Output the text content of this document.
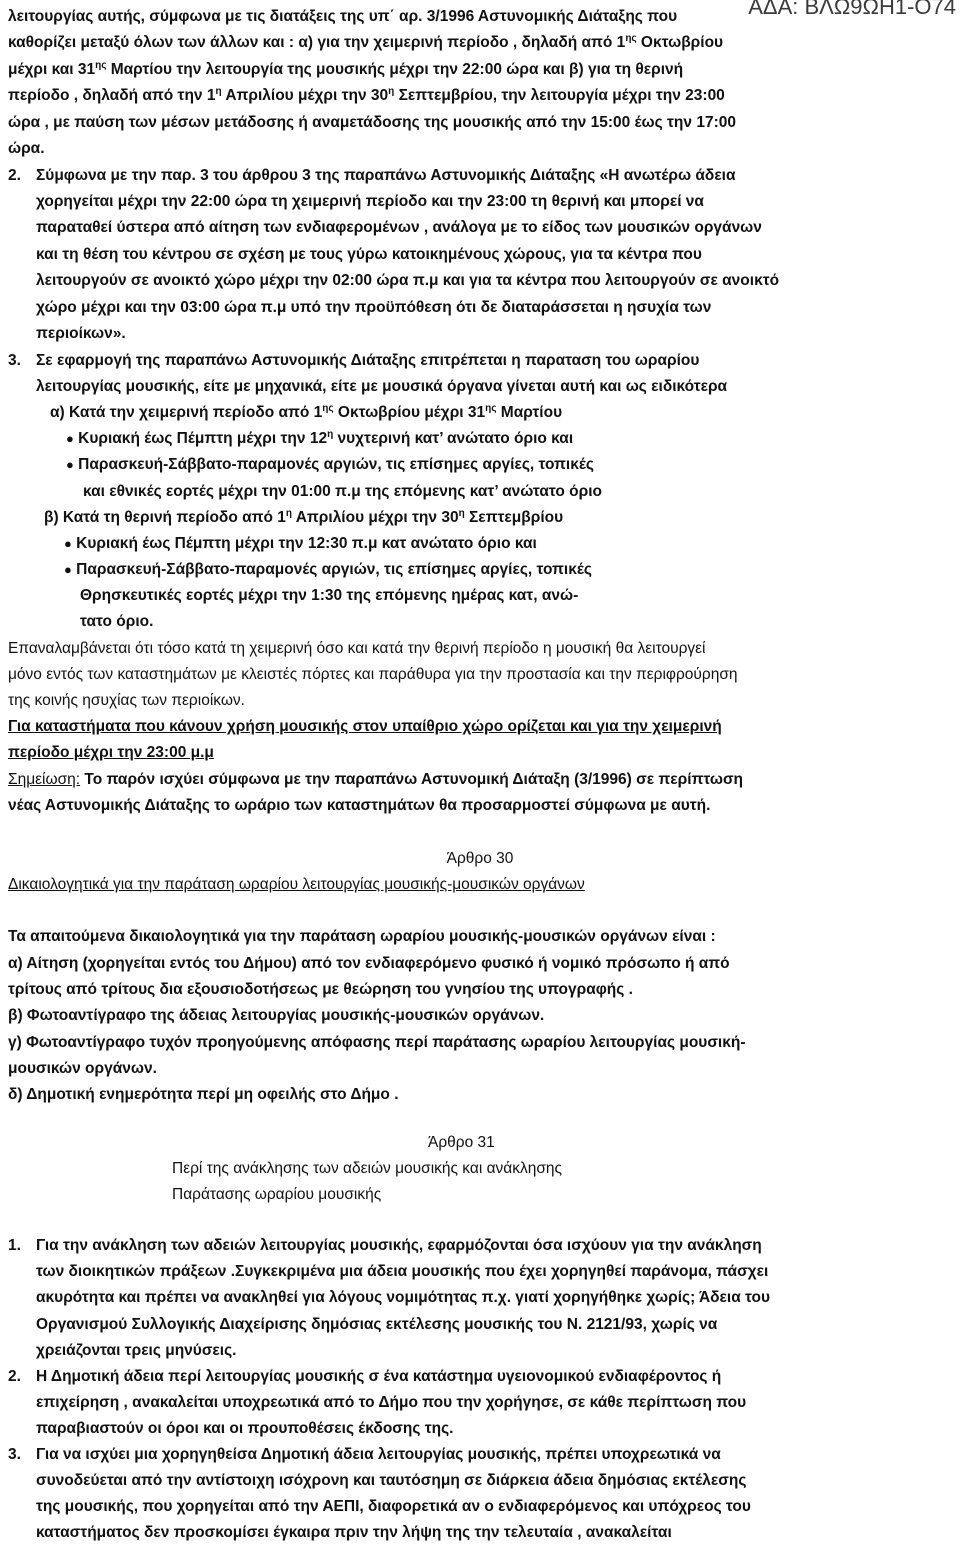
ΑΔΑ: ΒΛΩ9ΩΗ1-Ο74
λειτουργίας αυτής, σύμφωνα με τις διατάξεις της υπ΄ αρ. 3/1996 Αστυνομικής Διάταξης που
καθορίζει μεταξύ όλων των άλλων και : α) για την χειμερινή περίοδο , δηλαδή από $1^{\eta\varsigma}$ Οκτωβρίου
μέχρι και $31^{\eta\varsigma}$ Μαρτίου την λειτουργία της μουσικής μέχρι την 22:00 ώρα και β) για τη θερινή
περίοδο , δηλαδή από την $1^\eta$ Απριλίου μέχρι την $30^\eta$ Σεπτεμβρίου, την λειτουργία μέχρι την 23:00
ώρα , με παύση των μέσων μετάδοσης ή αναμετάδοσης της μουσικής από την 15:00 έως την 17:00
ώρα.
2. Σύμφωνα με την παρ. 3 του άρθρου 3 της παραπάνω Αστυνομικής Διάταξης «Η ανωτέρω άδεια
χορηγείται μέχρι την 22:00 ώρα τη χειμερινή περίοδο και την 23:00 τη θερινή και μπορεί να
παραταθεί ύστερα από αίτηση των ενδιαφερομένων , ανάλογα με το είδος των μουσικών οργάνων
και τη θέση του κέντρου σε σχέση με τους γύρω κατοικημένους χώρους, για τα κέντρα που
λειτουργούν σε ανοικτό χώρο μέχρι την 02:00 ώρα π.μ και για τα κέντρα που λειτουργούν σε ανοικτό
χώρο μέχρι και την 03:00 ώρα π.μ υπό την προϋπόθεση ότι δε διαταράσσεται η ησυχία των
περιοίκων».
3. Σε εφαρμογή της παραπάνω Αστυνομικής Διάταξης επιτρέπεται η παραταση του ωραρίου
λειτουργίας μουσικής, είτε με μηχανικά, είτε με μουσικά όργανα γίνεται αυτή και ως ειδικότερα
α) Κατά την χειμερινή περίοδο από $1^{\eta\varsigma}$ Οκτωβρίου μέχρι $31^{\eta\varsigma}$ Μαρτίου
● Κυριακή έως Πέμπτη μέχρι την $12^\eta$ νυχτερινή κατ’ ανώτατο όριο και
● Παρασκευή-Σάββατο-παραμονές αργιών, τις επίσημες αργίες, τοπικές
και εθνικές εορτές μέχρι την 01:00 π.μ της επόμενης κατ’ ανώτατο όριο
β) Κατά τη θερινή περίοδο από $1^\eta$ Απριλίου μέχρι την $30^\eta$ Σεπτεμβρίου
● Κυριακή έως Πέμπτη μέχρι την 12:30 π.μ κατ ανώτατο όριο και
● Παρασκευή-Σάββατο-παραμονές αργιών, τις επίσημες αργίες, τοπικές
Θρησκευτικές εορτές μέχρι την 1:30 της επόμενης ημέρας κατ, ανώ-
τατο όριο.
Επαναλαμβάνεται ότι τόσο κατά τη χειμερινή όσο και κατά την θερινή περίοδο η μουσική θα λειτουργεί
μόνο εντός των καταστημάτων με κλειστές πόρτες και παράθυρα για την προστασία και την περιφρούρηση
της κοινής ησυχίας των περιοίκων.
Για καταστήματα που κάνουν χρήση μουσικής στον υπαίθριο χώρο ορίζεται και για την χειμερινή
περίοδο μέχρι την 23:00 μ.μ
Σημείωση: Το παρόν ισχύει σύμφωνα με την παραπάνω Αστυνομική Διάταξη (3/1996) σε περίπτωση
νέας Αστυνομικής Διάταξης το ωράριο των καταστημάτων θα προσαρμοστεί σύμφωνα με αυτή.
Άρθρο 30
Δικαιολογητικά για την παράταση ωραρίου λειτουργίας μουσικής-μουσικών οργάνων
Τα απαιτούμενα δικαιολογητικά για την παράταση ωραρίου μουσικής-μουσικών οργάνων είναι :
α) Αίτηση (χορηγείται εντός του Δήμου) από τον ενδιαφερόμενο φυσικό ή νομικό πρόσωπο ή από
τρίτους από τρίτους δια εξουσιοδοτήσεως με θεώρηση του γνησίου της υπογραφής .
β) Φωτοαντίγραφο της άδειας λειτουργίας μουσικής-μουσικών οργάνων.
γ) Φωτοαντίγραφο τυχόν προηγούμενης απόφασης περί παράτασης ωραρίου λειτουργίας μουσική-
μουσικών οργάνων.
δ) Δημοτική ενημερότητα περί μη οφειλής στο Δήμο .
Άρθρο 31
Περί της ανάκλησης των αδειών μουσικής και ανάκλησης
Παράτασης ωραρίου μουσικής
1. Για την ανάκληση των αδειών λειτουργίας μουσικής, εφαρμόζονται όσα ισχύουν για την ανάκληση
των διοικητικών πράξεων .Συγκεκριμένα μια άδεια μουσικής που έχει χορηγηθεί παράνομα, πάσχει
ακυρότητα και πρέπει να ανακληθεί για λόγους νομιμότητας π.χ. γιατί χορηγήθηκε χωρίς; Άδεια του
Οργανισμού Συλλογικής Διαχείρισης δημόσιας εκτέλεσης μουσικής του Ν. 2121/93, χωρίς να
χρειάζονται τρεις μηνύσεις.
2. Η Δημοτική άδεια περί λειτουργίας μουσικής σ ένα κατάστημα υγειονομικού ενδιαφέροντος ή
επιχείρηση , ανακαλείται υποχρεωτικά από το Δήμο που την χορήγησε, σε κάθε περίπτωση που
παραβιαστούν οι όροι και οι προυποθέσεις έκδοσης της.
3. Για να ισχύει μια χορηγηθείσα Δημοτική άδεια λειτουργίας μουσικής, πρέπει υποχρεωτικά να
συνοδεύεται από την αντίστοιχη ισόχρονη και ταυτόσημη σε διάρκεια άδεια δημόσιας εκτέλεσης
της μουσικής, που χορηγείται από την ΑΕΠΙ, διαφορετικά αν ο ενδιαφερόμενος και υπόχρεος του
καταστήματος δεν προσκομίσει έγκαιρα πριν την λήψη της την τελευταία , ανακαλείται
